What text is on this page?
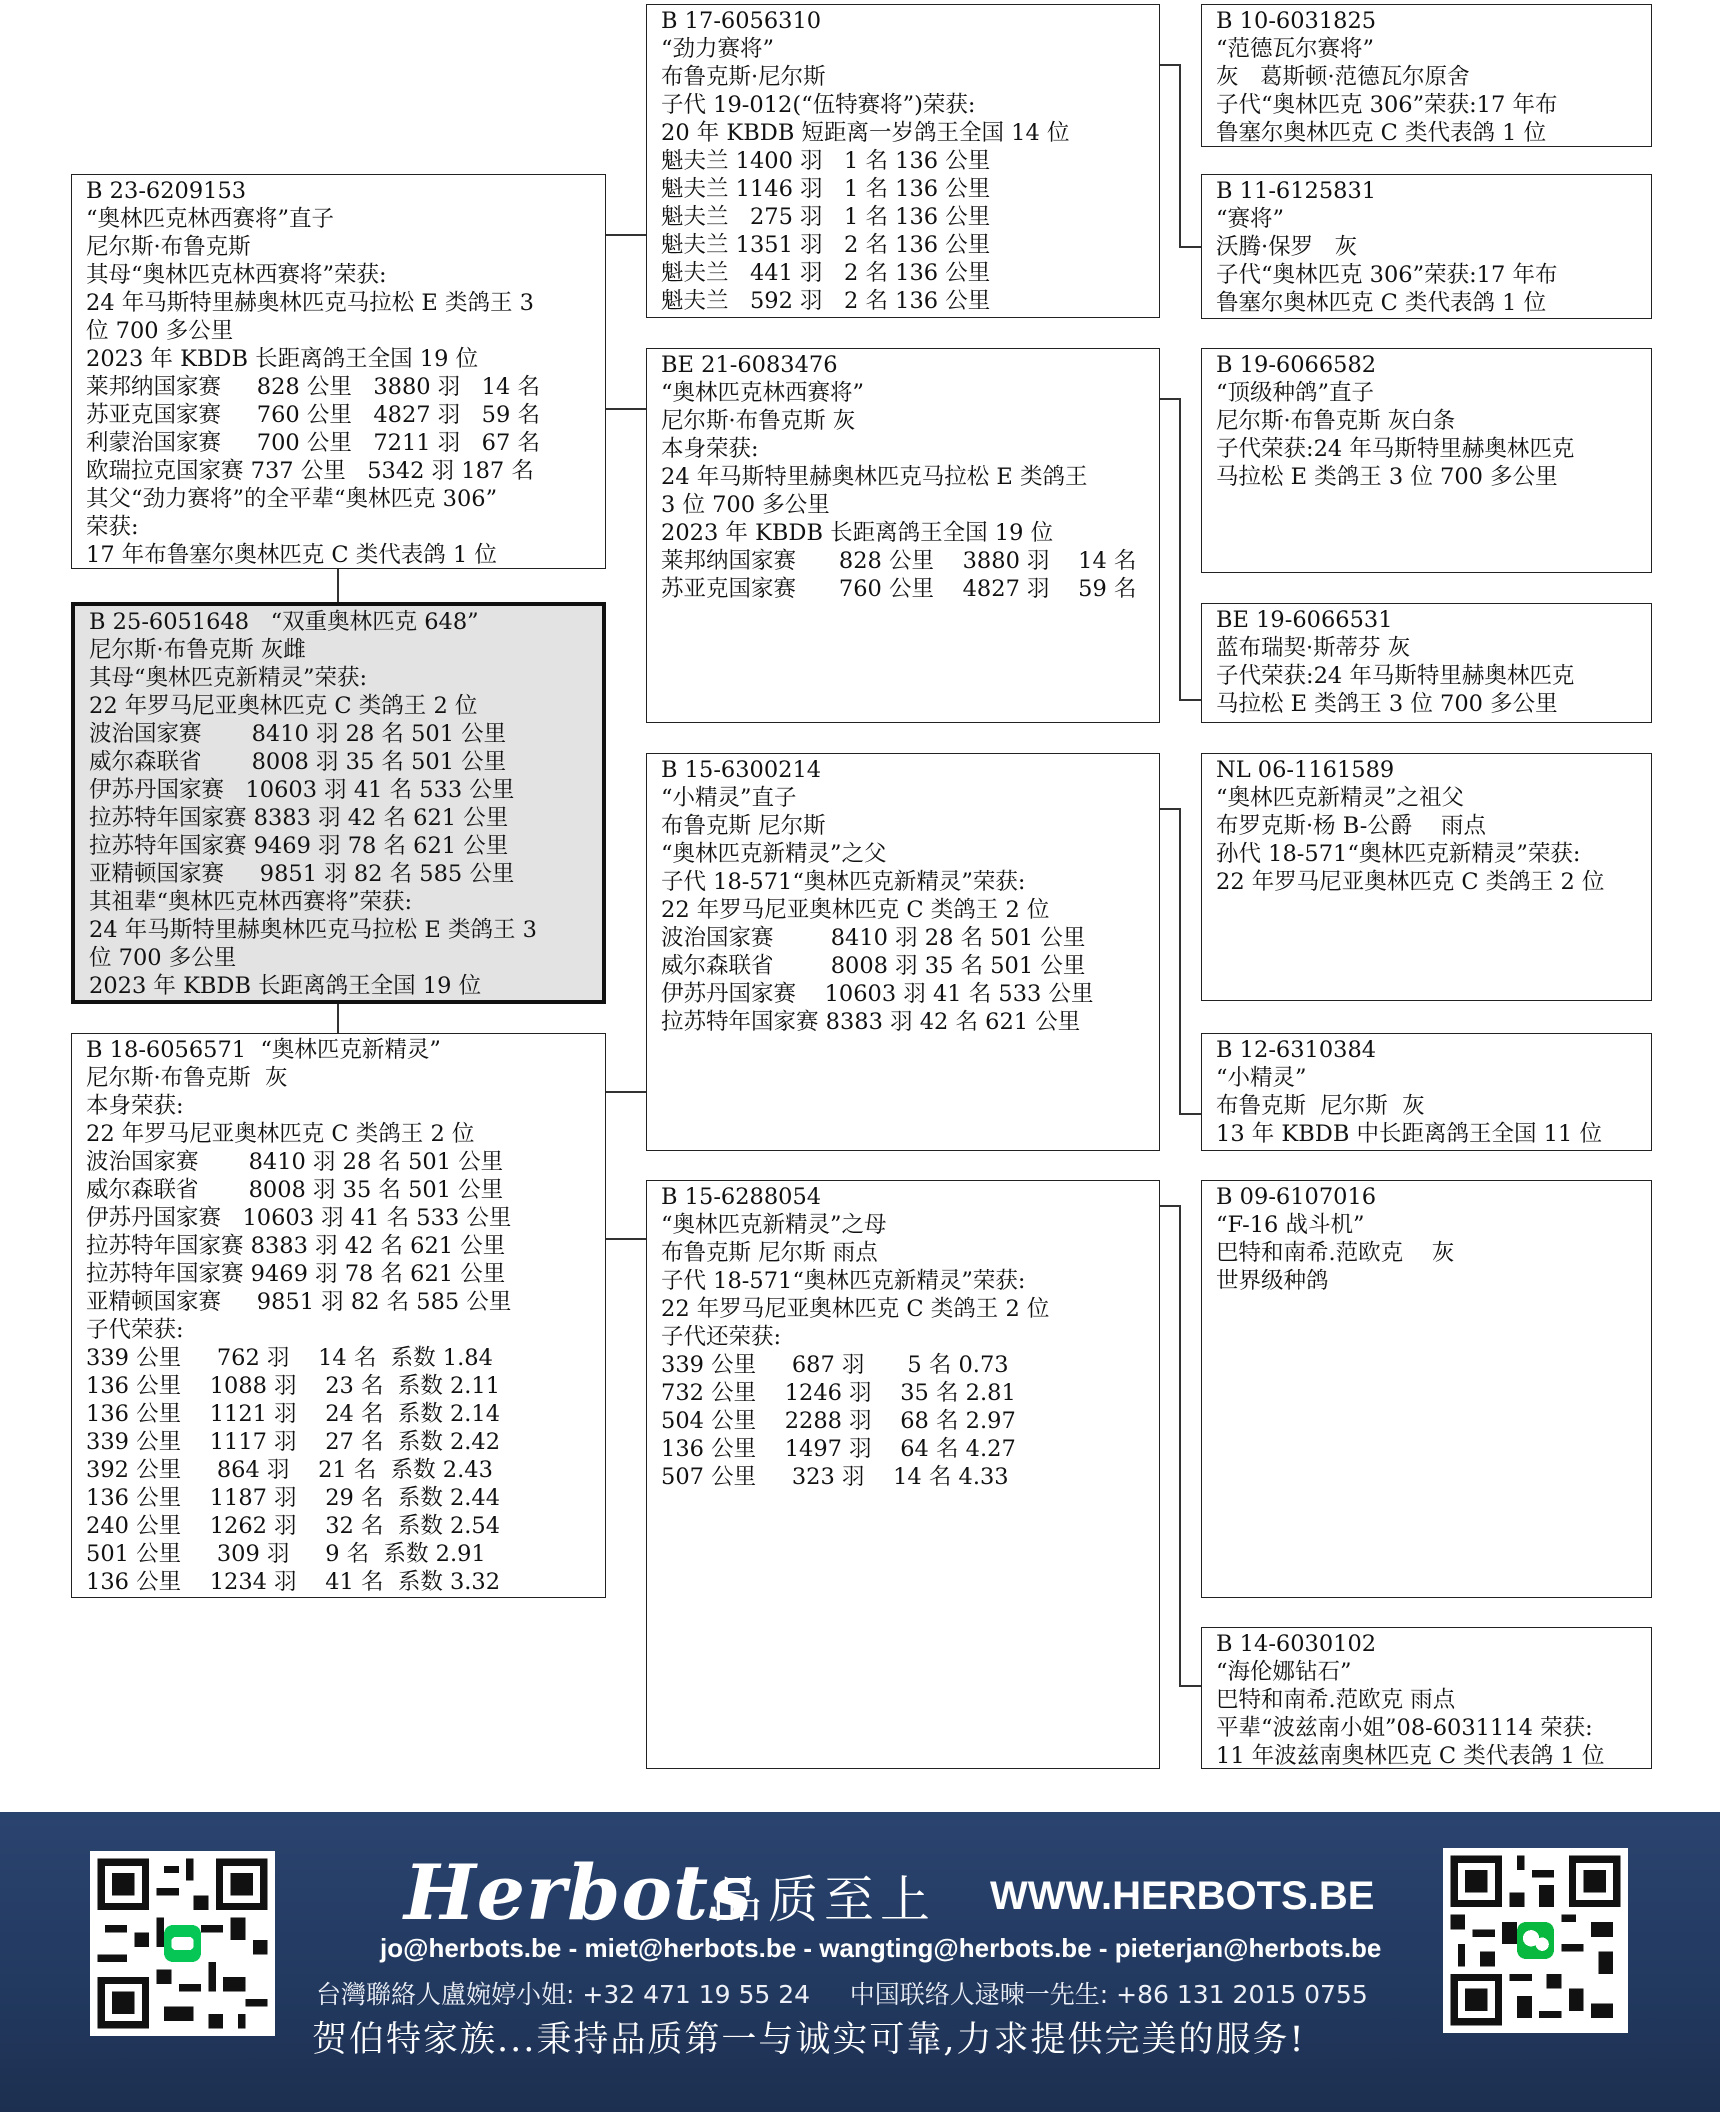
B 23-6209153
“奥林匹克林西赛将”直子
尼尔斯·布鲁克斯
其母“奥林匹克林西赛将”荣获:
24 年马斯特里赫奥林匹克马拉松 E 类鸽王 3
位 700 多公里
2023 年 KBDB 长距离鸽王全国 19 位
莱邦纳国家赛     828 公里   3880 羽   14 名
苏亚克国家赛     760 公里   4827 羽   59 名
利蒙治国家赛     700 公里   7211 羽   67 名
欧瑞拉克国家赛 737 公里   5342 羽 187 名
其父“劲力赛将”的全平辈“奥林匹克 306”
荣获:
17 年布鲁塞尔奥林匹克 C 类代表鸽 1 位
B 25-6051648   “双重奥林匹克 648”
尼尔斯·布鲁克斯 灰雌
其母“奥林匹克新精灵”荣获:
22 年罗马尼亚奥林匹克 C 类鸽王 2 位
波治国家赛       8410 羽 28 名 501 公里
威尔森联省       8008 羽 35 名 501 公里
伊苏丹国家赛   10603 羽 41 名 533 公里
拉苏特年国家赛 8383 羽 42 名 621 公里
拉苏特年国家赛 9469 羽 78 名 621 公里
亚精顿国家赛     9851 羽 82 名 585 公里
其祖辈“奥林匹克林西赛将”荣获:
24 年马斯特里赫奥林匹克马拉松 E 类鸽王 3
位 700 多公里
2023 年 KBDB 长距离鸽王全国 19 位
B 18-6056571  “奥林匹克新精灵”
尼尔斯·布鲁克斯  灰
本身荣获:
22 年罗马尼亚奥林匹克 C 类鸽王 2 位
波治国家赛       8410 羽 28 名 501 公里
威尔森联省       8008 羽 35 名 501 公里
伊苏丹国家赛   10603 羽 41 名 533 公里
拉苏特年国家赛 8383 羽 42 名 621 公里
拉苏特年国家赛 9469 羽 78 名 621 公里
亚精顿国家赛     9851 羽 82 名 585 公里
子代荣获:
339 公里     762 羽    14 名  系数 1.84
136 公里    1088 羽    23 名  系数 2.11
136 公里    1121 羽    24 名  系数 2.14
339 公里    1117 羽    27 名  系数 2.42
392 公里     864 羽    21 名  系数 2.43
136 公里    1187 羽    29 名  系数 2.44
240 公里    1262 羽    32 名  系数 2.54
501 公里     309 羽     9 名  系数 2.91
136 公里    1234 羽    41 名  系数 3.32
B 17-6056310
“劲力赛将”
布鲁克斯·尼尔斯
子代 19-012(“伍特赛将”)荣获:
20 年 KBDB 短距离一岁鸽王全国 14 位
魁夫兰 1400 羽   1 名 136 公里
魁夫兰 1146 羽   1 名 136 公里
魁夫兰   275 羽   1 名 136 公里
魁夫兰 1351 羽   2 名 136 公里
魁夫兰   441 羽   2 名 136 公里
魁夫兰   592 羽   2 名 136 公里
BE 21-6083476
“奥林匹克林西赛将”
尼尔斯·布鲁克斯 灰
本身荣获:
24 年马斯特里赫奥林匹克马拉松 E 类鸽王
3 位 700 多公里
2023 年 KBDB 长距离鸽王全国 19 位
莱邦纳国家赛      828 公里    3880 羽    14 名
苏亚克国家赛      760 公里    4827 羽    59 名
B 15-6300214
“小精灵”直子
布鲁克斯 尼尔斯
“奥林匹克新精灵”之父
子代 18-571“奥林匹克新精灵”荣获:
22 年罗马尼亚奥林匹克 C 类鸽王 2 位
波治国家赛        8410 羽 28 名 501 公里
威尔森联省        8008 羽 35 名 501 公里
伊苏丹国家赛    10603 羽 41 名 533 公里
拉苏特年国家赛 8383 羽 42 名 621 公里
B 15-6288054
“奥林匹克新精灵”之母
布鲁克斯 尼尔斯 雨点
子代 18-571“奥林匹克新精灵”荣获:
22 年罗马尼亚奥林匹克 C 类鸽王 2 位
子代还荣获:
339 公里     687 羽      5 名 0.73
732 公里    1246 羽    35 名 2.81
504 公里    2288 羽    68 名 2.97
136 公里    1497 羽    64 名 4.27
507 公里     323 羽    14 名 4.33
B 10-6031825
“范德瓦尔赛将”
灰   葛斯顿·范德瓦尔原舍
子代“奥林匹克 306”荣获:17 年布
鲁塞尔奥林匹克 C 类代表鸽 1 位
B 11-6125831
“赛将”
沃腾·保罗   灰
子代“奥林匹克 306”荣获:17 年布
鲁塞尔奥林匹克 C 类代表鸽 1 位
B 19-6066582
“顶级种鸽”直子
尼尔斯·布鲁克斯 灰白条
子代荣获:24 年马斯特里赫奥林匹克
马拉松 E 类鸽王 3 位 700 多公里
BE 19-6066531
蓝布瑞契·斯蒂芬 灰
子代荣获:24 年马斯特里赫奥林匹克
马拉松 E 类鸽王 3 位 700 多公里
NL 06-1161589
“奥林匹克新精灵”之祖父
布罗克斯·杨 B-公爵    雨点
孙代 18-571“奥林匹克新精灵”荣获:
22 年罗马尼亚奥林匹克 C 类鸽王 2 位
B 12-6310384
“小精灵”
布鲁克斯  尼尔斯  灰
13 年 KBDB 中长距离鸽王全国 11 位
B 09-6107016
“F-16 战斗机”
巴特和南希.范欧克    灰
世界级种鸽
B 14-6030102
“海伦娜钻石”
巴特和南希.范欧克 雨点
平辈“波兹南小姐”08-6031114 荣获:
11 年波兹南奥林匹克 C 类代表鸽 1 位
Herbots
品质至上 WWW.HERBOTS.BE
jo@herbots.be - miet@herbots.be - wangting@herbots.be - pieterjan@herbots.be
台灣聯絡人盧婉婷小姐: +32 471 19 55 24     中国联络人逯暕一先生: +86 131 2015 0755
贺伯特家族...秉持品质第一与诚实可靠,力求提供完美的服务!
